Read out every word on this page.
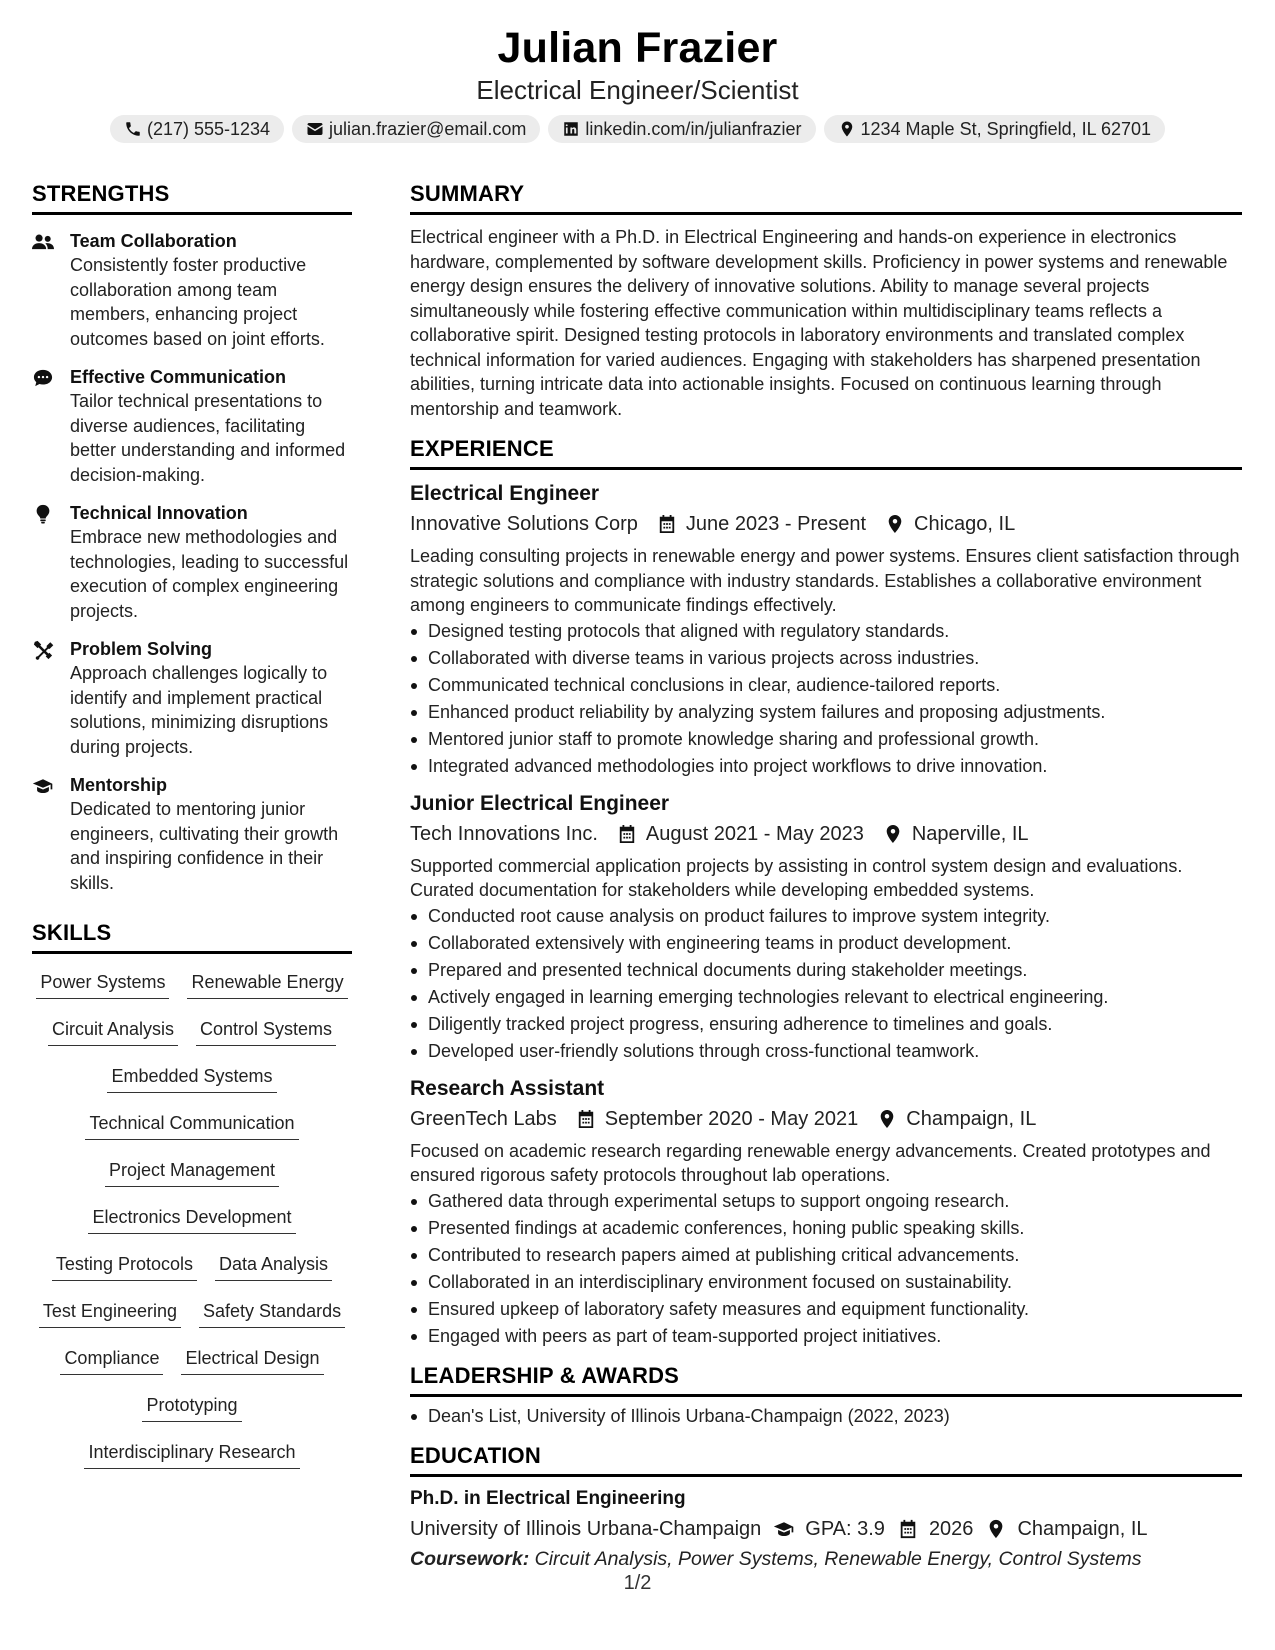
Julian Frazier
Electrical Engineer/Scientist
(217) 555-1234	julian.frazier@email.com	linkedin.com/in/julianfrazier	1234 Maple St, Springfield, IL 62701
STRENGTHS
Team Collaboration
Consistently foster productive collaboration among team members, enhancing project outcomes based on joint efforts.
Effective Communication
Tailor technical presentations to diverse audiences, facilitating better understanding and informed decision-making.
Technical Innovation
Embrace new methodologies and technologies, leading to successful execution of complex engineering projects.
Problem Solving
Approach challenges logically to identify and implement practical solutions, minimizing disruptions during projects.
Mentorship
Dedicated to mentoring junior engineers, cultivating their growth and inspiring confidence in their skills.
SKILLS
Power Systems Renewable Energy
Circuit Analysis Control Systems
Embedded Systems
Technical Communication
Project Management
Electronics Development
Testing Protocols Data Analysis
Test Engineering Safety Standards
Compliance Electrical Design
Prototyping
Interdisciplinary Research
SUMMARY

Electrical engineer with a Ph.D. in Electrical Engineering and hands-on experience in electronics hardware, complemented by software development skills. Proficiency in power systems and renewable energy design ensures the delivery of innovative solutions. Ability to manage several projects simultaneously while fostering effective communication within multidisciplinary teams reflects a collaborative spirit. Designed testing protocols in laboratory environments and translated complex technical information for varied audiences. Engaging with stakeholders has sharpened presentation abilities, turning intricate data into actionable insights. Focused on continuous learning through mentorship and teamwork.

EXPERIENCE
Electrical Engineer
Innovative Solutions Corp June 2023 - Present Chicago, IL

Leading consulting projects in renewable energy and power systems. Ensures client satisfaction through strategic solutions and compliance with industry standards. Establishes a collaborative environment among engineers to communicate findings effectively.

Designed testing protocols that aligned with regulatory standards.
Collaborated with diverse teams in various projects across industries.
Communicated technical conclusions in clear, audience-tailored reports.
Enhanced product reliability by analyzing system failures and proposing adjustments.
Mentored junior staff to promote knowledge sharing and professional growth.
Integrated advanced methodologies into project workflows to drive innovation.
Junior Electrical Engineer
Tech Innovations Inc. August 2021 - May 2023 Naperville, IL

Supported commercial application projects by assisting in control system design and evaluations. Curated documentation for stakeholders while developing embedded systems.

Conducted root cause analysis on product failures to improve system integrity.
Collaborated extensively with engineering teams in product development.
Prepared and presented technical documents during stakeholder meetings.
Actively engaged in learning emerging technologies relevant to electrical engineering.
Diligently tracked project progress, ensuring adherence to timelines and goals.
Developed user-friendly solutions through cross-functional teamwork.
Research Assistant
GreenTech Labs September 2020 - May 2021 Champaign, IL

Focused on academic research regarding renewable energy advancements. Created prototypes and ensured rigorous safety protocols throughout lab operations.

Gathered data through experimental setups to support ongoing research.
Presented findings at academic conferences, honing public speaking skills.
Contributed to research papers aimed at publishing critical advancements.
Collaborated in an interdisciplinary environment focused on sustainability.
Ensured upkeep of laboratory safety measures and equipment functionality.
Engaged with peers as part of team-supported project initiatives.
LEADERSHIP & AWARDS
Dean's List, University of Illinois Urbana-Champaign (2022, 2023)
EDUCATION
Ph.D. in Electrical Engineering
University of Illinois Urbana-Champaign GPA: 3.9 2026 Champaign, IL
Coursework: Circuit Analysis, Power Systems, Renewable Energy, Control Systems
1/2
